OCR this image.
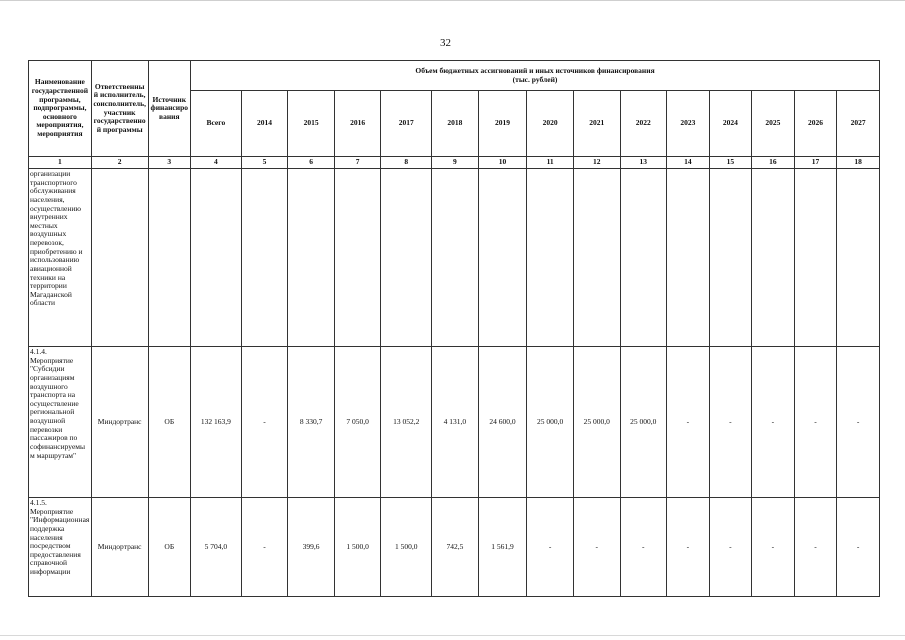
32
Наименование государственной программы, подпрограммы, основного мероприятия, мероприятия	Ответственный исполнитель, соисполнитель, участник государственной программы	Источник финансирования	Объем бюджетных ассигнований и иных источников финансирования
(тыс. рублей)														

			Всего	2014	2015	2016	2017	2018	2019	2020	2021	2022	2023	2024	2025	2026	2027
1	2	3	4	5	6	7	8	9	10	11	12	13	14	15	16	17	18
организации транспортного обслуживания населения, осуществлению внутренних местных воздушных перевозок, приобретению и использованию авиационной техники на территории Магаданской области																	
4.1.4. Мероприятие "Субсидии организациям воздушного транспорта на осуществление региональной воздушной перевозки пассажиров по софинансируемым маршрутам"	Миндортранс	ОБ	132 163,9	-	8 330,7	7 050,0	13 052,2	4 131,0	24 600,0	25 000,0	25 000,0	25 000,0	-	-	-	-	-
4.1.5. Мероприятие "Информационная поддержка населения посредством предоставления справочной информации	Миндортранс	ОБ	5 704,0	-	399,6	1 500,0	1 500,0	742,5	1 561,9	-	-	-	-	-	-	-	-
